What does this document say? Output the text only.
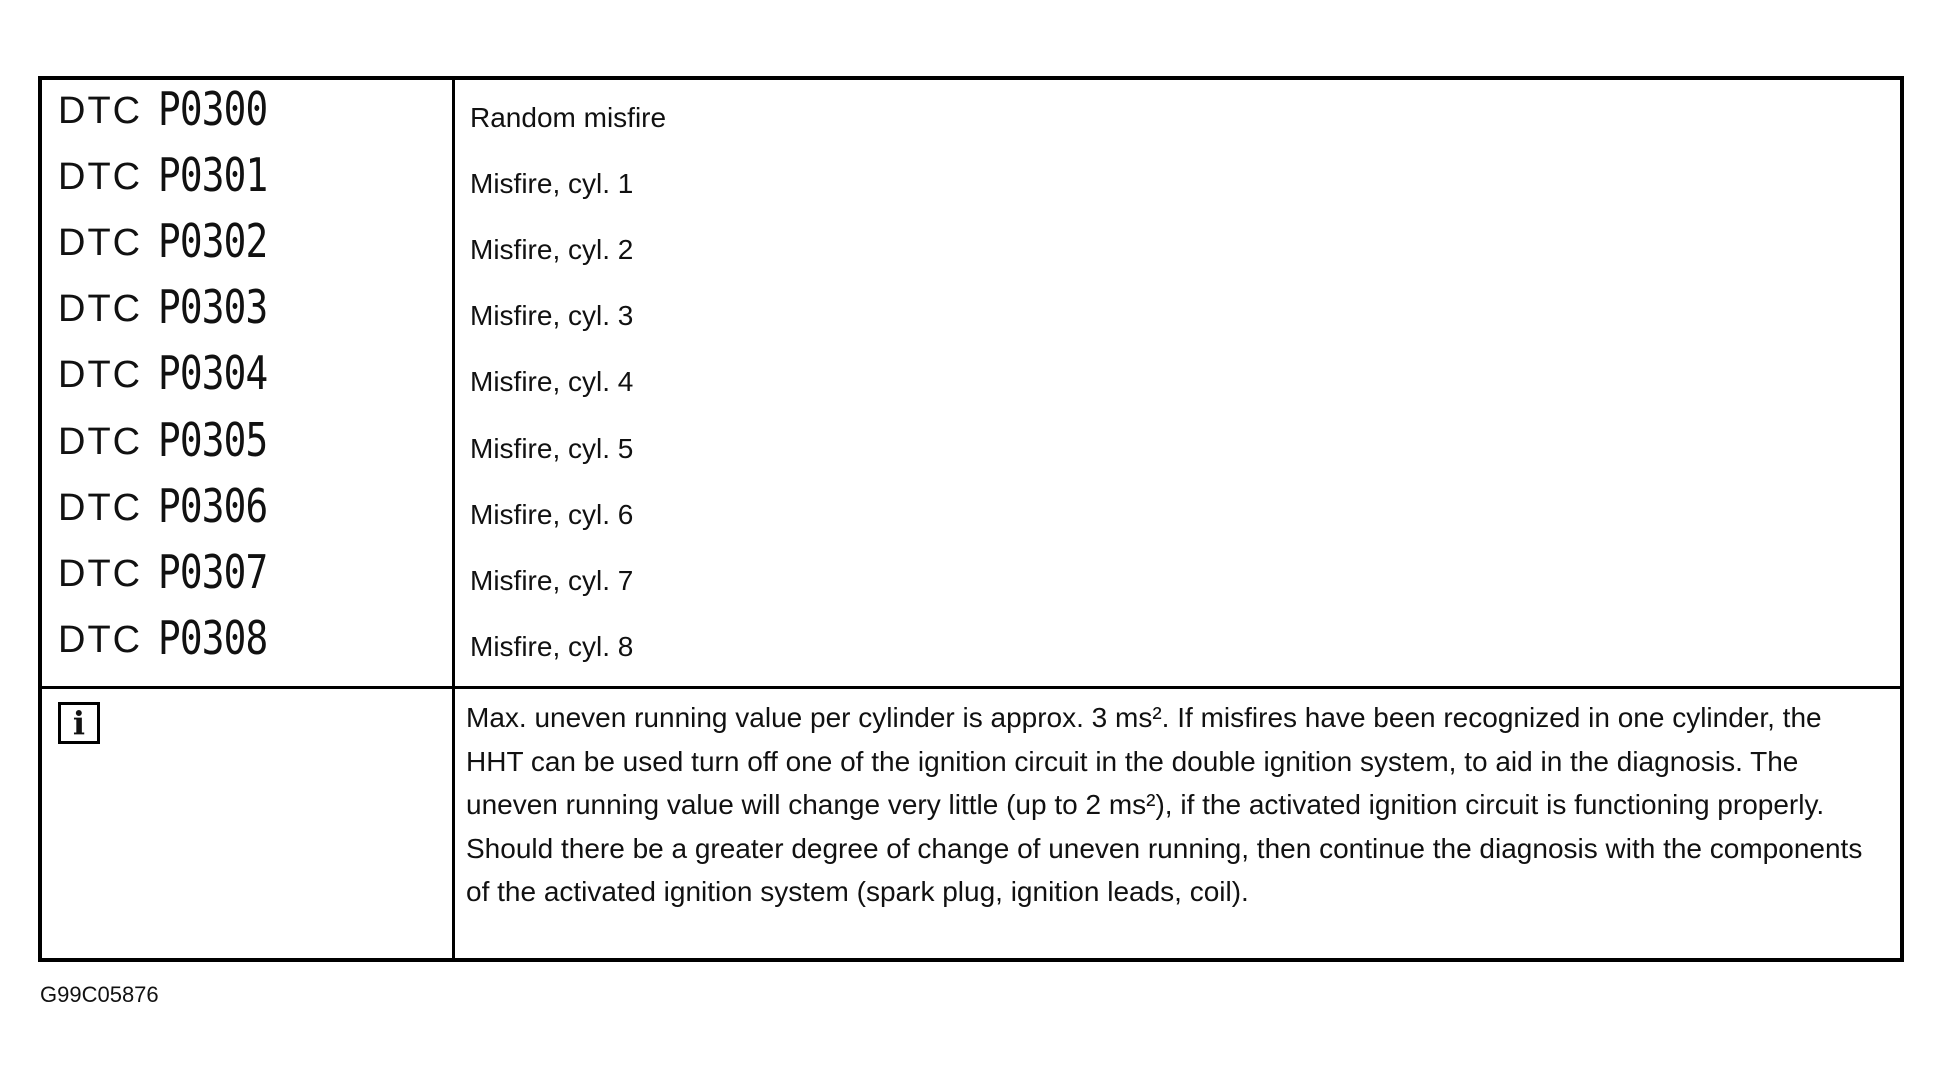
DTC P0300	Random misfire
DTC P0301	Misfire, cyl. 1
DTC P0302	Misfire, cyl. 2
DTC P0303	Misfire, cyl. 3
DTC P0304	Misfire, cyl. 4
DTC P0305	Misfire, cyl. 5
DTC P0306	Misfire, cyl. 6
DTC P0307	Misfire, cyl. 7
DTC P0308	Misfire, cyl. 8
i	Max. uneven running value per cylinder is approx. 3 ms². If misfires have been recognized in one cylinder, the HHT can be used turn off one of the ignition circuit in the double ignition system, to aid in the diagnosis. The uneven running value will change very little (up to 2 ms²), if the activated ignition circuit is functioning properly. Should there be a greater degree of change of uneven running, then continue the diagnosis with the components of the activated ignition system (spark plug, ignition leads, coil).
G99C05876
